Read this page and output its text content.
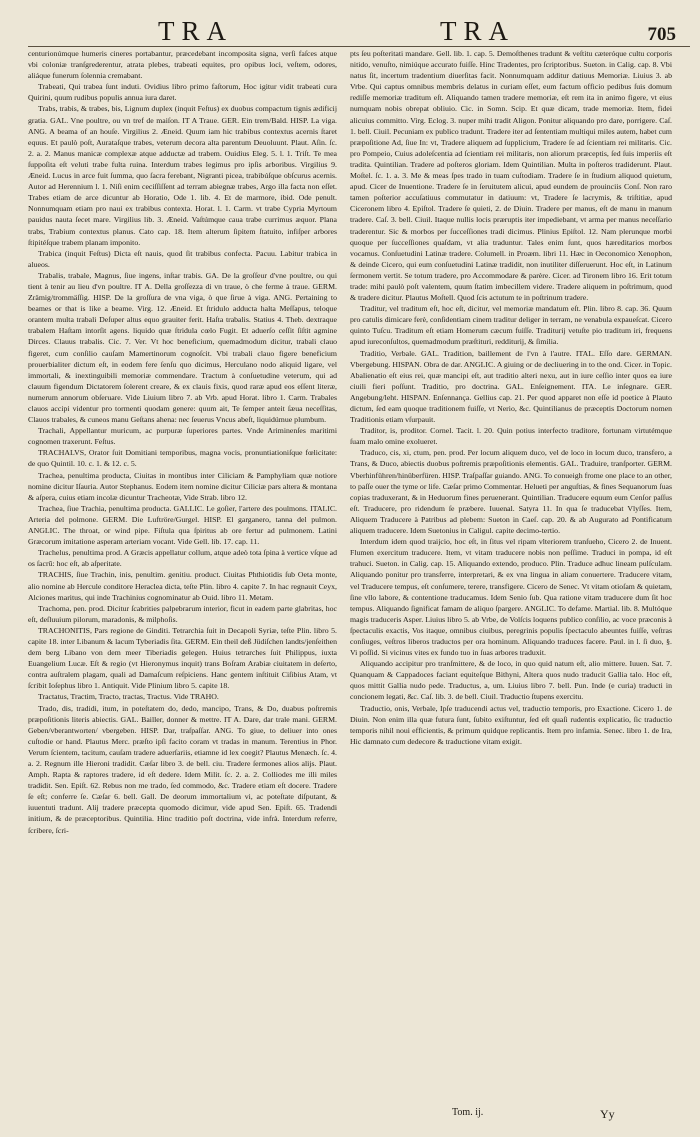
TRA	TRA	705

centurionúmque humeris cineres portabantur, præcedebant incomposita signa, verſi faſces atque vbi coloniæ tranſgrederentur, atrata plebes, trabeati equites, pro opibus loci, veſtem, odores, aliáque funerum ſolennia cremabant.

Trabeati, Qui trabea ſunt induti. Ovidius libro primo faſtorum, Hoc igitur vidit trabeati cura Quirini, quum rudibus populis annua iura daret.

Trabs, trabis, & trabes, bis, Lignum duplex (inquit Feſtus) ex duobus compactum tignis ædificij gratia. GAL. Vne poultre, ou vn tref de maiſon. IT A Traue. GER. Ein trem/Bald. HISP. La viga. ANG. A beama of an houſe. Virgilius 2. Æneid. Quum iam hic trabibus contextus acernis ſtaret equus. Et paulò poſt, Aurataſque trabes, veterum decora alta parentum Deuoluunt. Plaut. Aſin. ſc. 2. a. 2. Manus manicæ complexæ atque adductæ ad trabem. Ouidius Eleg. 5. l. 1. Triſt. Te mea ſuppoſita eſt veluti trabe fulta ruina. Interdum trabes legimus pro ipſis arboribus. Virgilius 9. Æneid. Lucus in arce fuit ſumma, quo ſacra ferebant, Nigranti picea, trabibúſque obſcurus acernis. Autor ad Herennium l. 1. Niſi enim ceciſſiſſent ad terram abiegnæ trabes, Argo illa facta non eſſet. Trabes etiam de arce dicuntur ab Horatio, Ode 1. lib. 4. Et de marmore, ibid. Ode penult. Nonnumquam etiam pro naui ex trabibus contexta. Horat. l. 1. Carm. vt trabe Cypria Myrtoum pauidus nauta ſecet mare. Virgilius lib. 3. Æneid. Vaſtúmque caua trabe currimus æquor. Plana trabs, Trabium contextus planus. Cato cap. 18. Item alterum ſipitem ſtatuito, infiſper arbores ſtipitéſque trabem planam imponito.

Trabica (inquit Feſtus) Dicta eſt nauis, quod ſit trabibus confecta. Pacuu. Labitur trabica in alueos.

Trabalis, trabale, Magnus, ſiue ingens, inſtar trabis. GA. De la groſſeur d'vne poultre, ou qui tient à tenir au lieu d'vn poultre. IT A. Della groſſezza di vn traue, ò che ferme à traue. GERM. Zrämig/trommäſſig. HISP. De la groſſura de vna viga, ò que ſirue à viga. ANG. Pertaining to beames or that is like a beame. Virg. 12. Æneid. Et ſtridulo adducta halta Meſſapus, teloque orantem multa trabali Deſuper altus equo grauiter ferit. Haſta trabalis. Statius 4. Theb. dextraque trabalem Haſtam intorſit agens. liquido quæ ſtridula cœlo Fugit. Et aduerſo ceſſit ſiſtit agmine Dirces. Clauus trabalis. Cic. 7. Ver. Vt hoc beneficium, quemadmodum dicitur, trabali clauo figeret, cum conſilio cauſam Mamertinorum cognoſcit. Vbi trabali clauo figere beneficium prouerbialiter dictum eſt, in eodem fere ſenſu quo dicimus, Herculano nodo aliquid ligare, vel immortali, & inextinguibili memoriæ commendare. Tractum à conſuetudine veterum, qui ad clauum figendum Dictatorem ſolerent creare, & ex clauis fixis, quod raræ apud eos eſſent literæ, numerum annorum obſeruare. Vide Liuium libro 7. ab Vrb. apud Horat. libro 1. Carm. Trabales clauos accipi videntur pro tormenti quodam genere: quum ait, Te ſemper anteit ſæua neceſſitas, Clauos trabales, & cuneos manu Geſtans ahena: nec ſeuerus Vncus abeſt, liquidúmue plumbum.

Trachali, Appellantur muricum, ac purpuræ ſuperiores partes. Vnde Ariminenſes maritimi cognomen traxerunt. Feſtus.

TRACHALVS, Orator ſuit Domitiani temporibus, magna vocis, pronuntiationiſque fœlicitate: de quo Quintil. 10. c. 1. & 12. c. 5.

Trachea, penultima producta, Ciuitas in montibus inter Ciliciam & Pamphyliam quæ notiore nomine dicitur Iſauria. Autor Stephanus. Eodem item nomine dicitur Ciliciæ pars altera & montana & aſpera, cuius etiam incolæ dicuntur Tracheotæ, Vide Strab. libro 12.

Trachea, ſiue Trachia, penultima producta. GALLIC. Le goſier, l'artere des poulmons. ITALIC. Arteria del polmone. GERM. Die Luftröre/Gurgel. HISP. El garganero, tanna del pulmon. ANGLIC. The throat, or wind pipe. Fiſtula qua ſpiritus ab ore fertur ad pulmonem. Latini Græcorum imitatione asperam arteriam vocant. Vide Gell. lib. 17. cap. 11.

Trachelus, penultima prod. A Græcis appellatur collum, atque adeò tota ſpina à vertice vſque ad os ſacrū: hoc eſt, ab aſperitate.

TRACHIS, ſiue Trachin, inis, penultim. genitiu. product. Ciuitas Phthiotidis ſub Oeta monte, alio nomine ab Hercule conditore Heraclea dicta, teſte Plin. libro 4. capite 7. In hac regnauit Ceyx, Alciones maritus, qui inde Trachinius cognominatur ab Ouid. libro 11. Metam.

Trachoma, pen. prod. Dicitur ſcabrities palpebrarum interior, ficut in eadem parte glabritas, hoc eſt, deſluuium pilorum, maradonis, & milphoſis.

TRACHONITIS, Pars regione de Ginditi. Tetrarchia ſuit in Decapoli Syriæ, teſte Plin. libro 5. capite 18. inter Libanum & lacum Tyberiadis ſita. GERM. Ein theil deß Jüdiſchen landts/jenſeithen dem berg Libano von dem meer Tiberiadis gelegen. Huius tetrarches ſuit Philippus, iuxta Euangelium Lucæ. Eſt & regio (vt Hieronymus inquit) trans Boſram Arabiæ ciuitatem in deſerto, contra auſtralem plagam, quali ad Damaſcum reſpiciens. Hanc gentem inſtituit Ciſibius Atam, vt ſcribit Ioſephus libro 1. Antiquit. Vide Plinium libro 5. capite 18.

Tractatus, Tractim, Tracto, tractas, Tractus. Vide TRAHO.

Trado, dis, tradidi, itum, in poteſtatem do, dedo, mancipo, Trans, & Do, duabus poſtremis præpoſitionis literis abiectis. GAL. Bailler, donner & mettre. IT A. Dare, dar trale mani. GERM. Geben/vberantworten/ vbergeben. HISP. Dar, traſpaſſar. ANG. To giue, to deliuer into ones cuſtodie or hand. Plautus Merc. præſto ipſi facito coram vt tradas in manum. Terentius in Phor. Verum ſcientem, tacitum, cauſam tradere aduerſariis, etiamne id lex coegit? Plautus Menæch. ſc. 4. a. 2. Regnum ille Hieroni tradidit. Cæſar libro 3. de bell. ciu. Tradere ſermones alios alijs. Plaut. Amph. Rapta & raptores tradere, id eſt dedere. Idem Milit. ſc. 2. a. 2. Colliodes me illi miles tradidit. Sen. Epiſt. 62. Rebus non me trado, ſed commodo, &c. Tradere etiam eſt docere. Tradere ſe eſt; conferre ſe. Cæſar 6. bell. Gall. De deorum immortalium vi, ac poteſtate diſputant, & iuuentuti tradunt. Alij tradere præcepta quomodo dicimur, vide apud Sen. Epiſt. 65. Tradendi initium, & de præceptoribus. Quintilia. Hinc traditio poſt doctrina, vide infrà. Interdum referre, ſcribere, ſcri-

pts ſeu poſteritati mandare. Gell. lib. 1. cap. 5. Demoſthenes tradunt & veſtitu cæteróque cultu corporis nitido, venuſto, nimiúque accurato fuiſſe. Hinc Tradentes, pro ſcriptoribus. Sueton. in Calig. cap. 8. Vbi natus ſit, incertum tradentium diuerſitas facit. Nonnumquam additur datiuus Memoriæ. Liuius 3. ab Vrbe. Qui captus omnibus membris delatus in curiam eſſet, eum factum officio pedibus ſuis domum rediſſe memoriæ traditum eſt. Aliquando tamen tradere memoriæ, eſt rem ita in animo figere, vt eius numquam nobis obrepat obliuio. Cic. in Somn. Scip. Et quæ dicam, trade memoriæ. Item, fidei alicuius committo. Virg. Eclog. 3. nuper mihi tradit Aligon. Ponitur aliquando pro dare, porrigere. Caſ. 1. bell. Ciuil. Pecuniam ex publico tradunt. Tradere iter ad ſententiam multiqui miles autem, habet cum præpoſitione Ad, ſiue In: vt, Tradere aliquem ad ſupplicium, Tradere ſe ad ſcientiam rei militaris. Cic. pro Pompeio, Cuius adoleſcentia ad ſcientiam rei militaris, non aliorum præceptis, ſed ſuis imperiis eſt tradita. Quintilian. Tradere ad poſteros gloriam. Idem Quintilian. Multa in poſteros tradiderunt. Plaut. Moſtel. ſc. 1. a. 3. Me & meas ſpes trado in tuam cuſtodiam. Tradere ſe in ſtudium aliquod quietum, apud. Cicer de Inuentione. Tradere ſe in ſeruitutem alicui, apud eundem de prouinciis Conſ. Non raro tamen poſterior accuſatiuus commutatur in datiuum: vt, Tradere ſe lacrymis, & triſtitiæ, apud Ciceronem libro 4. Epiſtol. Tradere ſe quieti, 2. de Diuin. Tradere per manus, eſt de manu in manum tradere. Caſ. 3. bell. Ciuil. Itaque nullis locis præruptis iter impediebant, vt arma per manus neceſſario traderentur. Sic & morbos per ſucceſſiones tradi dicimus. Plinius Epiſtol. 12. Nam plerunque morbi quoque per ſucceſſiones quaſdam, vt alia traduntur. Tales enim ſunt, quos hæreditarios morbos vocamus. Conſuetudini Latinæ tradere. Columell. in Proæm. libri 11. Hæc in Oeconomico Xenophon, & deinde Cicero, qui eum conſuetudini Latinæ tradidit, non inutiliter diſſeruerunt. Hoc eſt, in Latinum ſermonem vertit. Se totum tradere, pro Accommodare & parère. Cicer. ad Tironem libro 16. Erit totum trade: mihi paulò poſt valentem, quum ſtatim imbecillem videre. Tradere aliquem in poſtrimum, quod & tradere dicitur. Plautus Moſtell. Quod ſcis actutum te in poſtrinum tradere.

Traditur, vel traditum eſt, hoc eſt, dicitur, vel memoriæ mandatum eſt. Plin. libro 8. cap. 36. Quum pro catulis dimicare ferè, conſidentiam cinem traditur deliger in terram, ne venabula expaueſcat. Cicero quinto Tuſcu. Traditum eſt etiam Homerum cæcum fuiſſe. Traditurij vetuſte pio traditum iri, frequens apud iureconſultos, quemadmodum præſtituri, redditurij, & ſimilia.

Traditio, Verbale. GAL. Tradition, baillement de l'vn à l'autre. ITAL. Eſſo dare. GERMAN. Vbergebung. HISPAN. Obra de dar. ANGLIC. A giuing or de decliuering in to the ond. Cicer. in Topic. Abalienatio eſt eius rei, quæ mancipi eſt, aut traditio alteri nexu, aut in iure ceſſio inter quos ea iure ciuili fieri poſſunt. Traditio, pro doctrina. GAL. Enſeignement. ITA. Le inſegnare. GER. Angebung/leht. HISPAN. Enſennança. Gellius cap. 21. Per quod apparet non eſſe id poetice à Plauto dictum, ſed eam quoque traditionem fuiſſe, vt Nerio, &c. Quintilianus de præceptis Doctorum nomen Traditionis etiam vſurpauit.

Traditor, is, proditor. Cornel. Tacit. l. 20. Quin potius interfecto traditore, fortunam virtutémque ſuam malo omine exolueret.

Traduco, cis, xi, ctum, pen. prod. Per locum aliquem duco, vel de loco in locum duco, transfero, a Trans, & Duco, abiectis duobus poſtremis præpoſitionis elementis. GAL. Traduire, tranſporter. GERM. Vberhinführen/hinüberfüren. HISP. Traſpaſſar guiando. ANG. To conueigh frome one place to an other, to paſſe ouer the tyme or life. Cæſar primo Commentar. Helueti per anguſtias, & fines Sequanorum ſuas copias traduxerant, & in Heduorum fines peruenerant. Quintilian. Traducere equum eum Cenſor paſſus eſt. Traducere, pro ridendum ſe præbere. Iuuenal. Satyra 11. In qua ſe traducebat Vlyſſes. Item, Aliquem Traducere à Patribus ad plebem: Sueton in Caeſ. cap. 20. & ab Augurato ad Pontificatum aliquem traducere. Idem Suetonius in Caligul. capite decimo-tertio.

Interdum idem quod traijcio, hoc eſt, in ſitus vel ripam vlteriorem tranſueho, Cicero 2. de Inuent. Flumen exercitum traducere. Item, vt vitam traducere nobis non peſſime. Traduci in pompa, id eſt trahuci. Sueton. in Calig. cap. 15. Aliquando extendo, produco. Plin. Traduce adhuc lineam pulſculam. Aliquando ponitur pro transferre, interpretari, & ex vna lingua in aliam conuertere. Traducere vitam, vel Traducere tempus, eſt conſumere, terere, transfigere. Cicero de Senec. Vt vitam otioſam & quietam, ſine vllo labore, & contentione traducamus. Idem Senio ſub. Qua ratione vitam traducere dum ſit hoc tempus. Aliquando ſignificat famam de aliquo ſpargere. ANGLIC. To defame. Martial. lib. 8. Multóque magis traduceris Asper. Liuius libro 5. ab Vrbe, de Volſcis loquens publico conſilio, ac voce præconis à ſpectaculis exactis, Vos itaque, omnibus ciuibus, peregrinis populis ſpectaculo abeuntes fuiſſe, veſtras conſiuges, veſtros liberos traductos per ora hominum. Aliquando traduces facere. Paul. in l. ſi duo, §. Vi poſſid. Si vicinus vites ex fundo tuo in ſuas arbores traduxit.

Aliquando accipitur pro tranſmittere, & de loco, in quo quid natum eſt, alio mittere. Iuuen. Sat. 7. Quanquam & Cappadoces faciant equiteſque Bithyni, Altera quos nudo traducit Gallia talo. Hoc eſt, quos mittit Gallia nudo pede. Traductus, a, um. Liuius libro 7. bell. Pun. Inde (e curia) traducti in concionem legati, &c. Caſ. lib. 3. de bell. Ciuil. Traductio ſtupens exercitu.

Traductio, onis, Verbale, Ipſe traducendi actus vel, traductio temporis, pro Exactione. Cicero 1. de Diuin. Non enim illa quæ futura ſunt, ſubito exiſtuntur, ſed eſt quaſi rudentis explicatio, ſic traductio temporis nihil noui efficientis, & primum quidque replicantis. Item pro infamia. Senec. libro 1. de Ira, Hic damnato cum dedecore & traductione vitam exigit.

Tom. ij.	Yy
